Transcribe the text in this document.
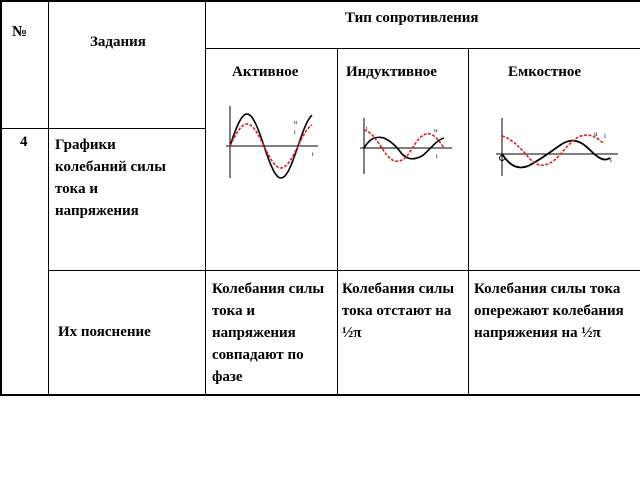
№
Задания
Тип сопротивления
Активное	Индуктивное	Емкостное
4 Графики колебаний силы тока и напряжения
Их пояснение
Колебания силы тока и напряжения совпадают по фазе
Колебания силы тока отстают на ½π
Колебания силы тока опережают колебания напряжения на ½π
t
u
i
t
u
i
t
u i
